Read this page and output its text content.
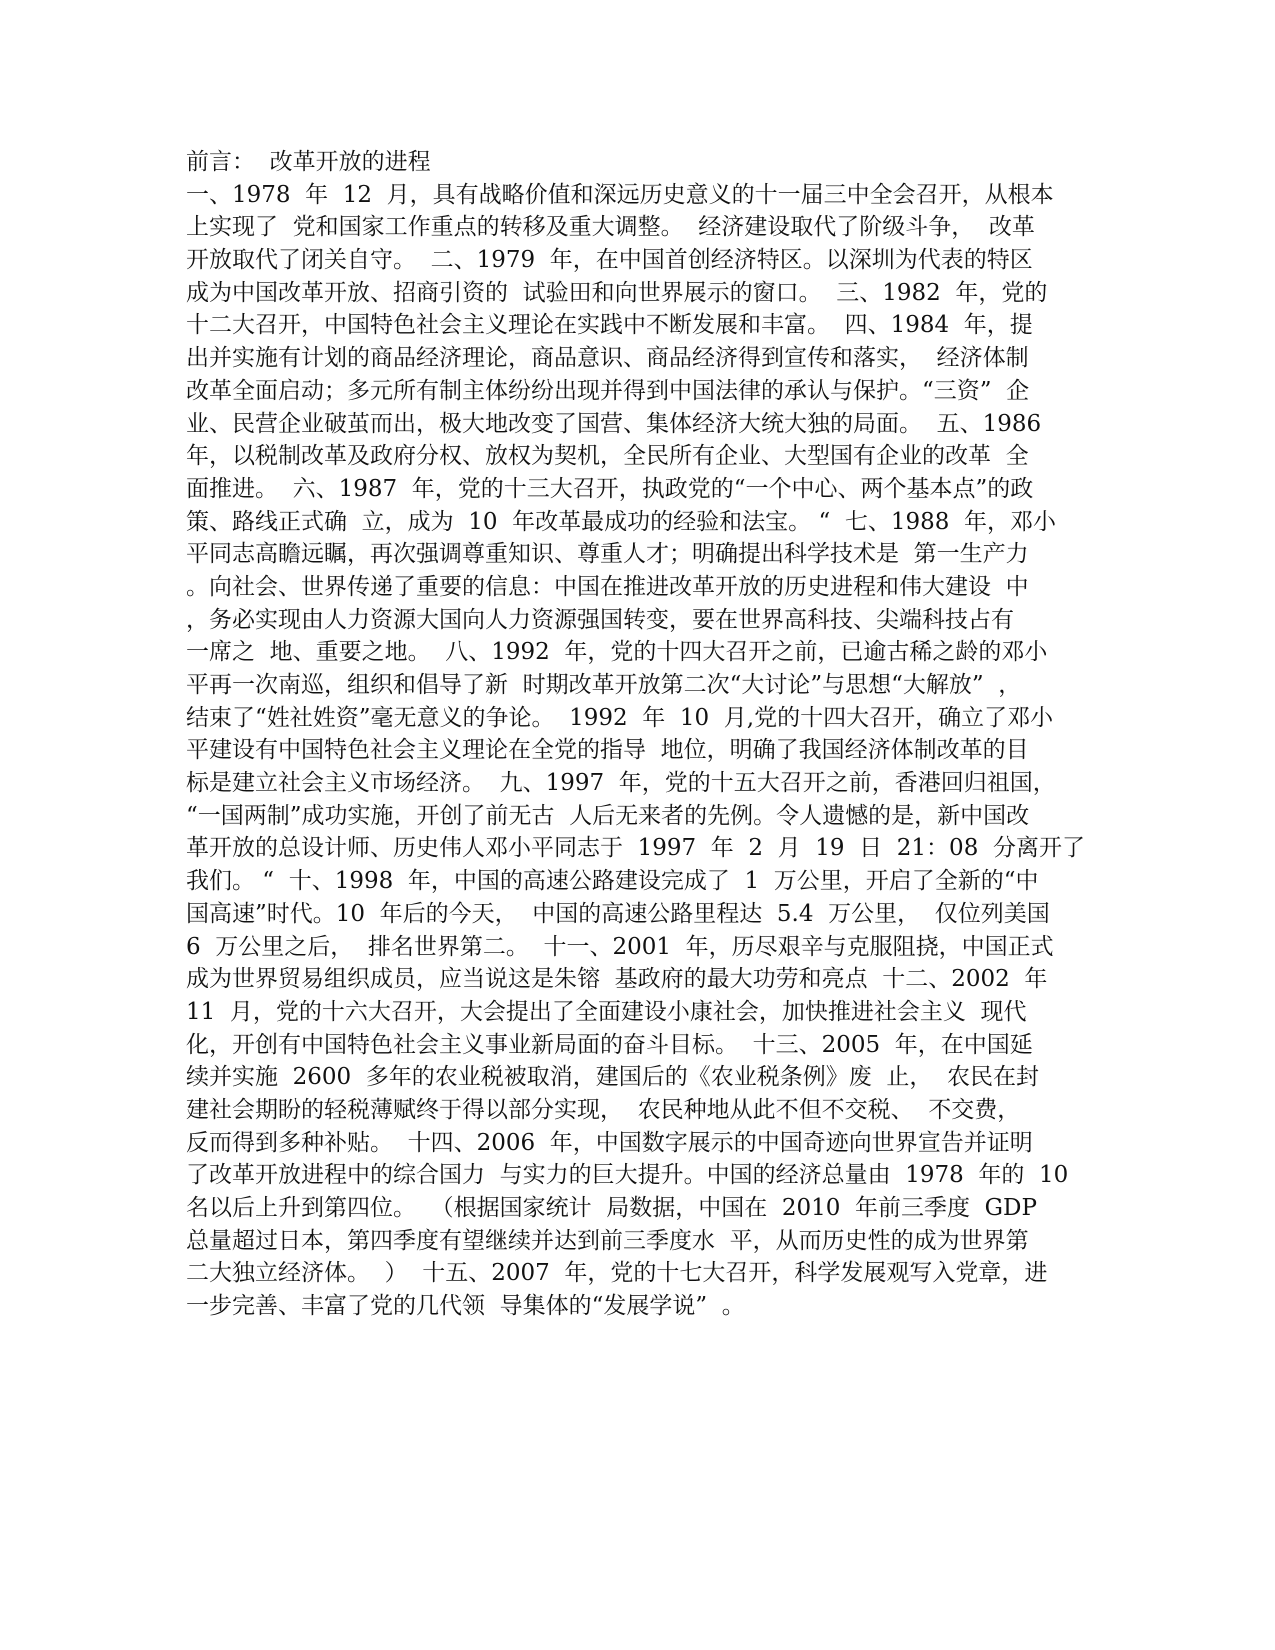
前言：  改革开放的进程
一、1978  年  12  月，具有战略价值和深远历史意义的十一届三中全会召开，从根本
上实现了  党和国家工作重点的转移及重大调整。  经济建设取代了阶级斗争，  改革
开放取代了闭关自守。  二、1979  年，在中国首创经济特区。以深圳为代表的特区
成为中国改革开放、招商引资的  试验田和向世界展示的窗口。  三、1982  年，党的
十二大召开，中国特色社会主义理论在实践中不断发展和丰富。  四、1984  年，提
出并实施有计划的商品经济理论，商品意识、商品经济得到宣传和落实，  经济体制
改革全面启动；多元所有制主体纷纷出现并得到中国法律的承认与保护。“三资”  企
业、民营企业破茧而出，极大地改变了国营、集体经济大统大独的局面。  五、1986
年，以税制改革及政府分权、放权为契机，全民所有企业、大型国有企业的改革  全
面推进。  六、1987  年，党的十三大召开，执政党的“一个中心、两个基本点”的政
策、路线正式确  立，成为  10  年改革最成功的经验和法宝。 “  七、1988  年，邓小
平同志高瞻远瞩，再次强调尊重知识、尊重人才；明确提出科学技术是  第一生产力
。向社会、世界传递了重要的信息：中国在推进改革开放的历史进程和伟大建设  中
，务必实现由人力资源大国向人力资源强国转变，要在世界高科技、尖端科技占有
一席之  地、重要之地。  八、1992  年，党的十四大召开之前，已逾古稀之龄的邓小
平再一次南巡，组织和倡导了新  时期改革开放第二次“大讨论”与思想“大解放”  ，
结束了“姓社姓资”毫无意义的争论。  1992  年  10  月,党的十四大召开，确立了邓小
平建设有中国特色社会主义理论在全党的指导  地位，明确了我国经济体制改革的目
标是建立社会主义市场经济。  九、1997  年，党的十五大召开之前，香港回归祖国，
“一国两制”成功实施，开创了前无古  人后无来者的先例。令人遗憾的是，新中国改
革开放的总设计师、历史伟人邓小平同志于  1997  年  2  月  19  日  21：08  分离开了
我们。 “  十、1998  年，中国的高速公路建设完成了  1  万公里，开启了全新的“中
国高速”时代。10  年后的今天，  中国的高速公路里程达  5.4  万公里，  仅位列美国
6  万公里之后，  排名世界第二。  十一、2001  年，历尽艰辛与克服阻挠，中国正式
成为世界贸易组织成员，应当说这是朱镕  基政府的最大功劳和亮点  十二、2002  年
11  月，党的十六大召开，大会提出了全面建设小康社会，加快推进社会主义  现代
化，开创有中国特色社会主义事业新局面的奋斗目标。  十三、2005  年，在中国延
续并实施  2600  多年的农业税被取消，建国后的《农业税条例》废  止，  农民在封
建社会期盼的轻税薄赋终于得以部分实现，  农民种地从此不但不交税、  不交费，
反而得到多种补贴。  十四、2006  年，中国数字展示的中国奇迹向世界宣告并证明
了改革开放进程中的综合国力  与实力的巨大提升。中国的经济总量由  1978  年的  10
名以后上升到第四位。  （根据国家统计  局数据，中国在  2010  年前三季度  GDP
总量超过日本，第四季度有望继续并达到前三季度水  平，从而历史性的成为世界第
二大独立经济体。  ）  十五、2007  年，党的十七大召开，科学发展观写入党章，进
一步完善、丰富了党的几代领  导集体的“发展学说”  。
